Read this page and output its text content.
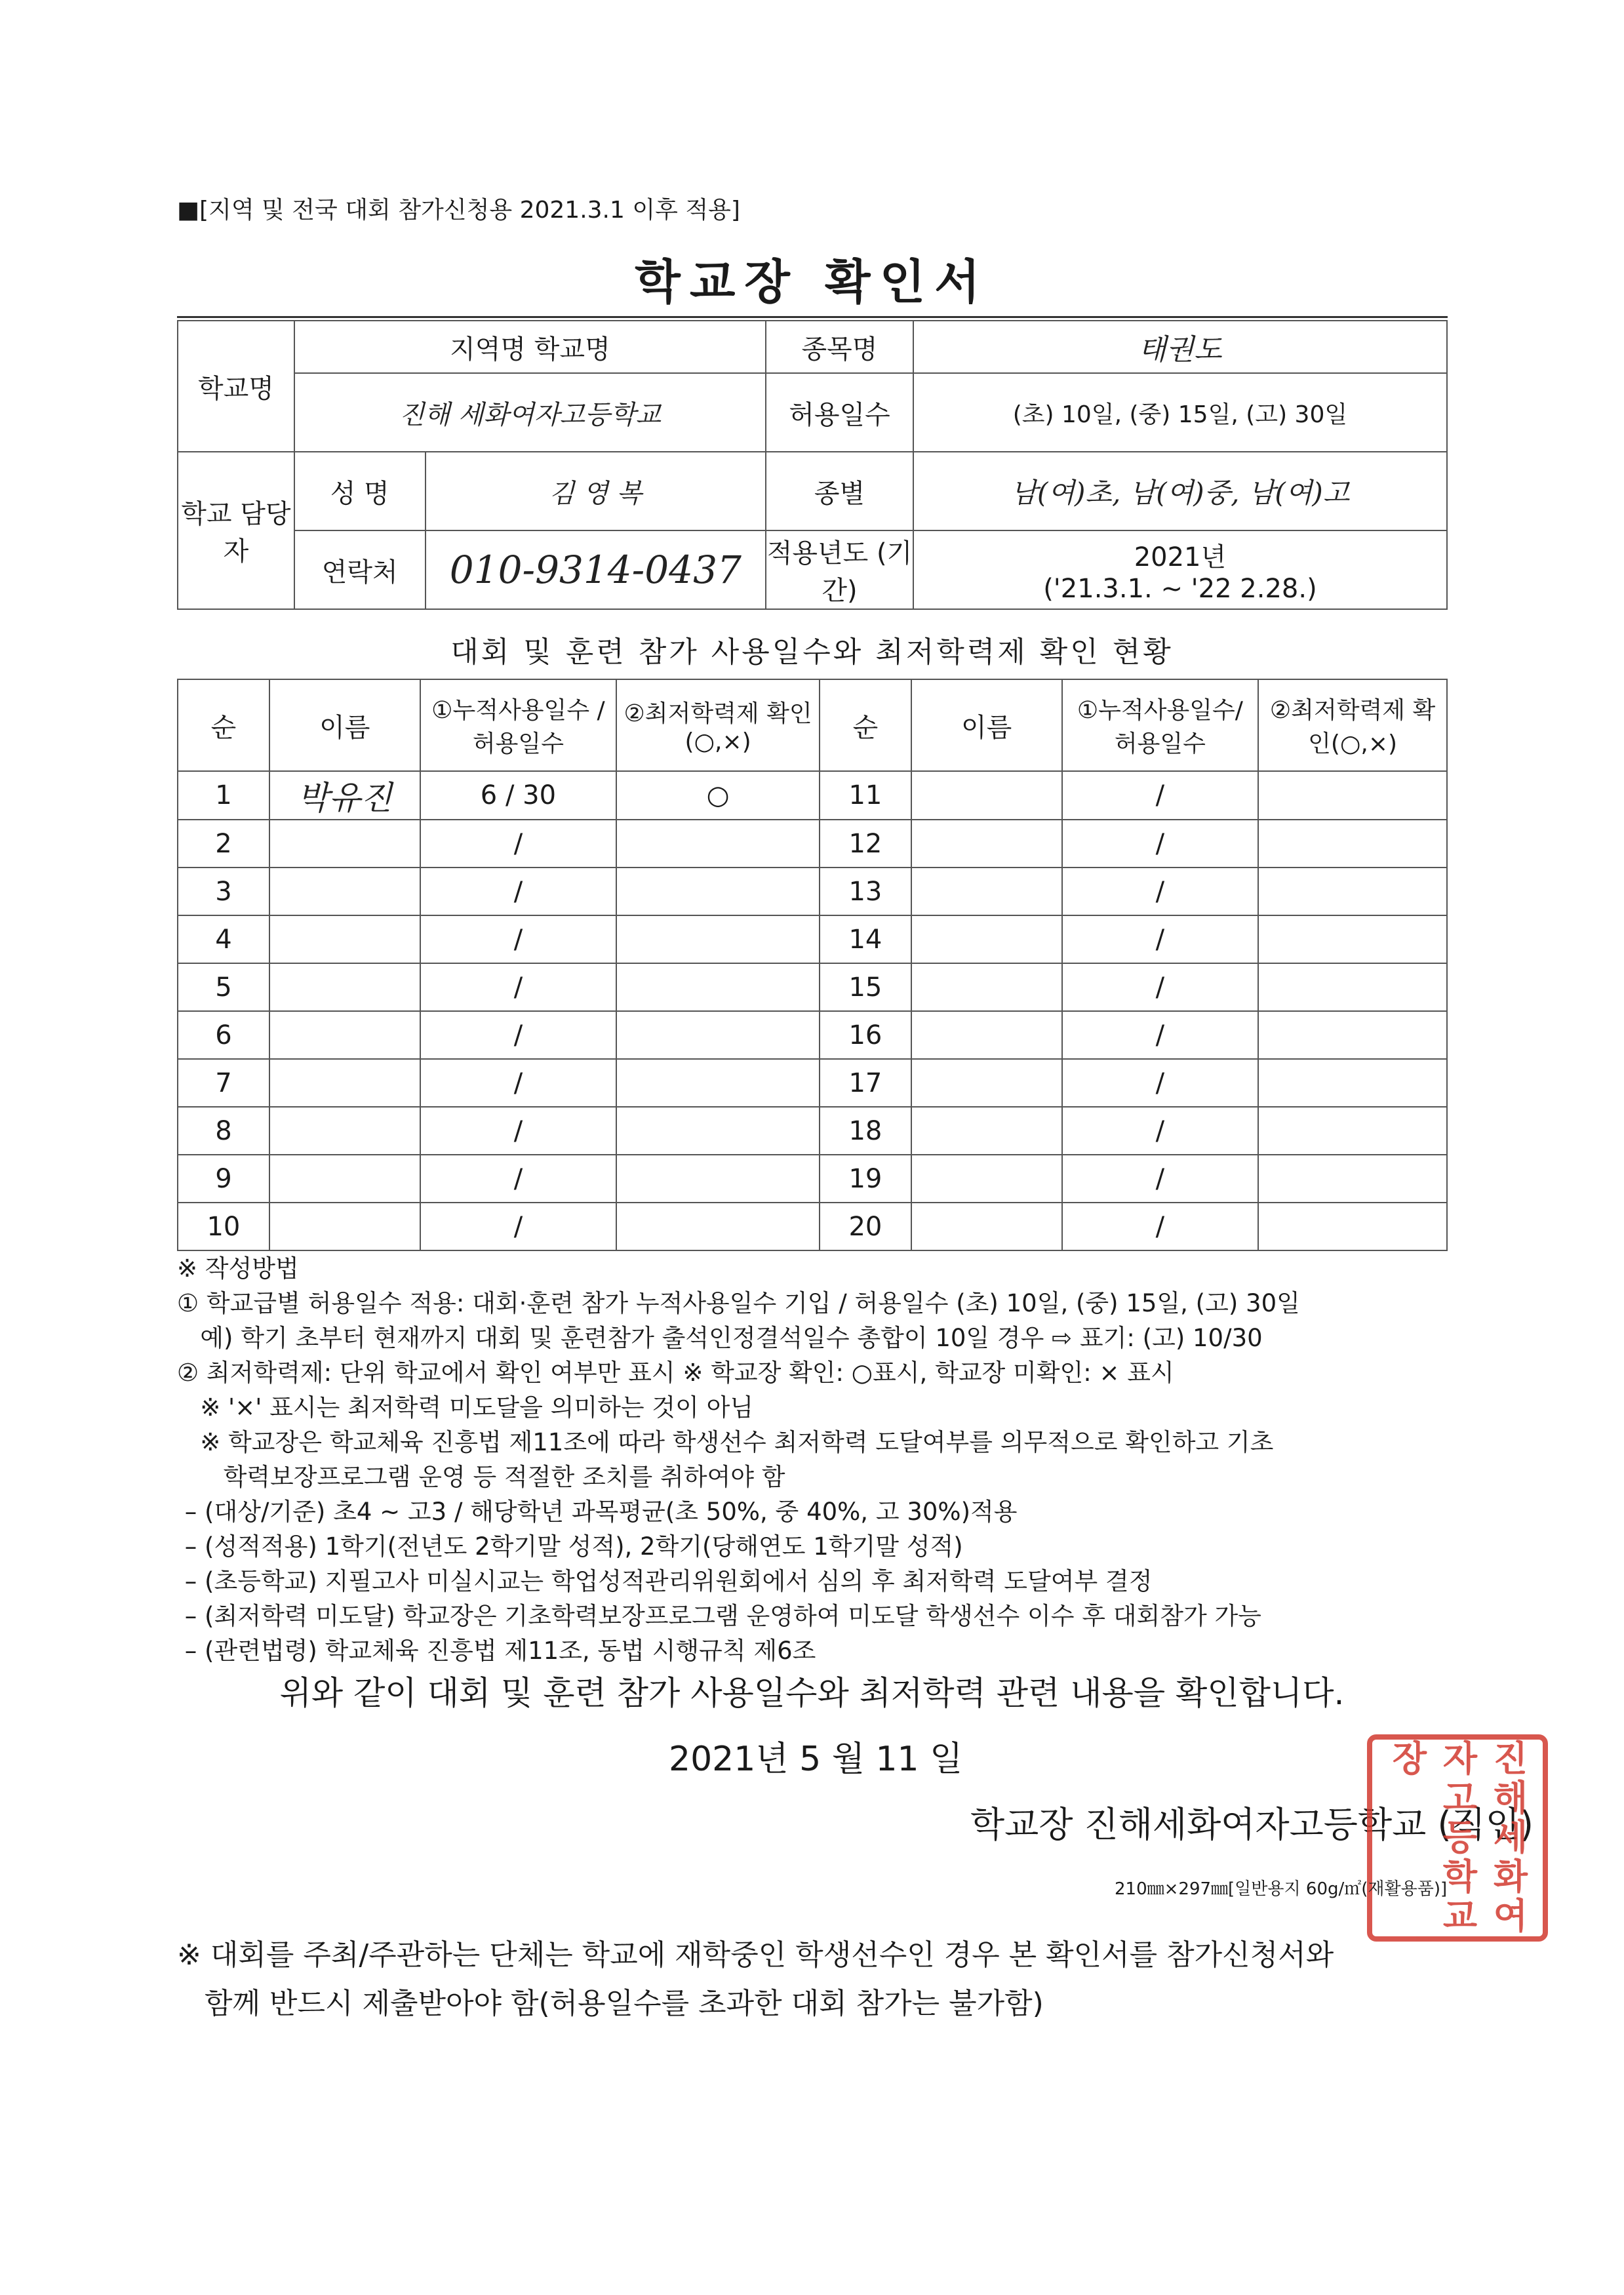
■[지역 및 전국 대회 참가신청용 2021.3.1 이후 적용]
학교장 확인서
학교명	지역명 학교명		종목명	태권도
	진해 세화여자고등학교		허용일수	(초) 10일, (중) 15일, (고) 30일
학교 담당자	성 명	김 영 복	종별	남(여)초, 남(여)중, 남(여)고
	연락처	010-9314-0437	적용년도 (기간)	2021년
('21.3.1. ~ '22 2.28.)
대회 및 훈련 참가 사용일수와 최저학력제 확인 현황
순	이름	①누적사용일수 /허용일수	②최저학력제 확인(○,×)	순	이름	①누적사용일수/ 허용일수	②최저학력제 확인(○,×)
1	박유진	6 / 30	○	11		/	
2		/		12		/	
3		/		13		/	
4		/		14		/	
5		/		15		/	
6		/		16		/	
7		/		17		/	
8		/		18		/	
9		/		19		/	
10		/		20		/	
※ 작성방법
① 학교급별 허용일수 적용: 대회·훈련 참가 누적사용일수 기입 / 허용일수 (초) 10일, (중) 15일, (고) 30일
예) 학기 초부터 현재까지 대회 및 훈련참가 출석인정결석일수 총합이 10일 경우 ⇨ 표기: (고) 10/30
② 최저학력제: 단위 학교에서 확인 여부만 표시 ※ 학교장 확인: ○표시, 학교장 미확인: × 표시
※ '×' 표시는 최저학력 미도달을 의미하는 것이 아님
※ 학교장은 학교체육 진흥법 제11조에 따라 학생선수 최저학력 도달여부를 의무적으로 확인하고 기초
학력보장프로그램 운영 등 적절한 조치를 취하여야 함
– (대상/기준) 초4 ~ 고3 / 해당학년 과목평균(초 50%, 중 40%, 고 30%)적용
– (성적적용) 1학기(전년도 2학기말 성적), 2학기(당해연도 1학기말 성적)
– (초등학교) 지필고사 미실시교는 학업성적관리위원회에서 심의 후 최저학력 도달여부 결정
– (최저학력 미도달) 학교장은 기초학력보장프로그램 운영하여 미도달 학생선수 이수 후 대회참가 가능
– (관련법령) 학교체육 진흥법 제11조, 동법 시행규칙 제6조
위와 같이 대회 및 훈련 참가 사용일수와 최저학력 관련 내용을 확인합니다.
2021년 5 월 11 일
학교장 진해세화여자고등학교 (직인)
진해세화여자고등학교장
210㎜×297㎜[일반용지 60g/㎡(재활용품)]
※ 대회를 주최/주관하는 단체는 학교에 재학중인 학생선수인 경우 본 확인서를 참가신청서와
함께 반드시 제출받아야 함(허용일수를 초과한 대회 참가는 불가함)
